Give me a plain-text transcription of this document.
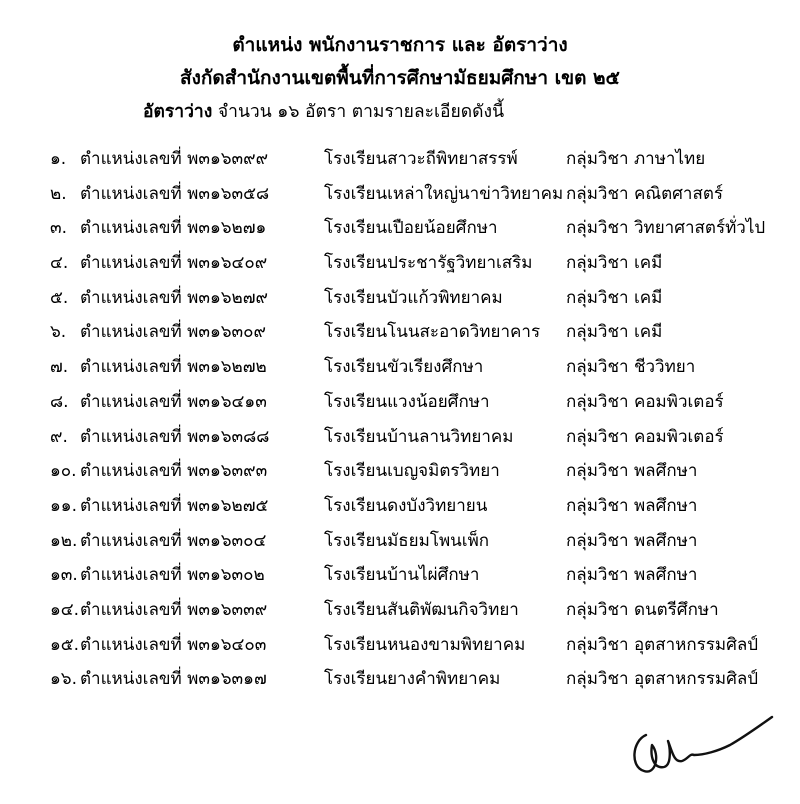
ตำแหน่ง พนักงานราชการ และ อัตราว่าง
สังกัดสำนักงานเขตพื้นที่การศึกษามัธยมศึกษา เขต ๒๕
อัตราว่าง จำนวน ๑๖ อัตรา ตามรายละเอียดดังนี้
๑. ตำแหน่งเลขที่ พ๓๑๖๓๙๙	โรงเรียนสาวะถีพิทยาสรรพ์	กลุ่มวิชา ภาษาไทย
๒. ตำแหน่งเลขที่ พ๓๑๖๓๕๘	โรงเรียนเหล่าใหญ่นาข่าวิทยาคม กลุ่มวิชา คณิตศาสตร์
๓. ตำแหน่งเลขที่ พ๓๑๖๒๗๑	โรงเรียนเปือยน้อยศึกษา	กลุ่มวิชา วิทยาศาสตร์ทั่วไป
๔. ตำแหน่งเลขที่ พ๓๑๖๔๐๙	โรงเรียนประชารัฐวิทยาเสริม กลุ่มวิชา เคมี
๕. ตำแหน่งเลขที่ พ๓๑๖๒๗๙	โรงเรียนบัวแก้วพิทยาคม	กลุ่มวิชา เคมี
๖. ตำแหน่งเลขที่ พ๓๑๖๓๐๙	โรงเรียนโนนสะอาดวิทยาคาร กลุ่มวิชา เคมี
๗. ตำแหน่งเลขที่ พ๓๑๖๒๗๒	โรงเรียนขัวเรียงศึกษา	กลุ่มวิชา ชีววิทยา
๘. ตำแหน่งเลขที่ พ๓๑๖๔๑๓	โรงเรียนแวงน้อยศึกษา	กลุ่มวิชา คอมพิวเตอร์
๙. ตำแหน่งเลขที่ พ๓๑๖๓๘๘	โรงเรียนบ้านลานวิทยาคม	กลุ่มวิชา คอมพิวเตอร์
๑๐. ตำแหน่งเลขที่ พ๓๑๖๓๙๓	โรงเรียนเบญจมิตรวิทยา	กลุ่มวิชา พลศึกษา
๑๑. ตำแหน่งเลขที่ พ๓๑๖๒๗๕	โรงเรียนดงบังวิทยายน	กลุ่มวิชา พลศึกษา
๑๒. ตำแหน่งเลขที่ พ๓๑๖๓๐๔	โรงเรียนมัธยมโพนเพ็ก	กลุ่มวิชา พลศึกษา
๑๓. ตำแหน่งเลขที่ พ๓๑๖๓๐๒	โรงเรียนบ้านไผ่ศึกษา	กลุ่มวิชา พลศึกษา
๑๔. ตำแหน่งเลขที่ พ๓๑๖๓๓๙	โรงเรียนสันติพัฒนกิจวิทยา	กลุ่มวิชา ดนตรีศึกษา
๑๕. ตำแหน่งเลขที่ พ๓๑๖๔๐๓	โรงเรียนหนองขามพิทยาคม กลุ่มวิชา อุตสาหกรรมศิลป์
๑๖. ตำแหน่งเลขที่ พ๓๑๖๓๑๗	โรงเรียนยางคำพิทยาคม	กลุ่มวิชา อุตสาหกรรมศิลป์
